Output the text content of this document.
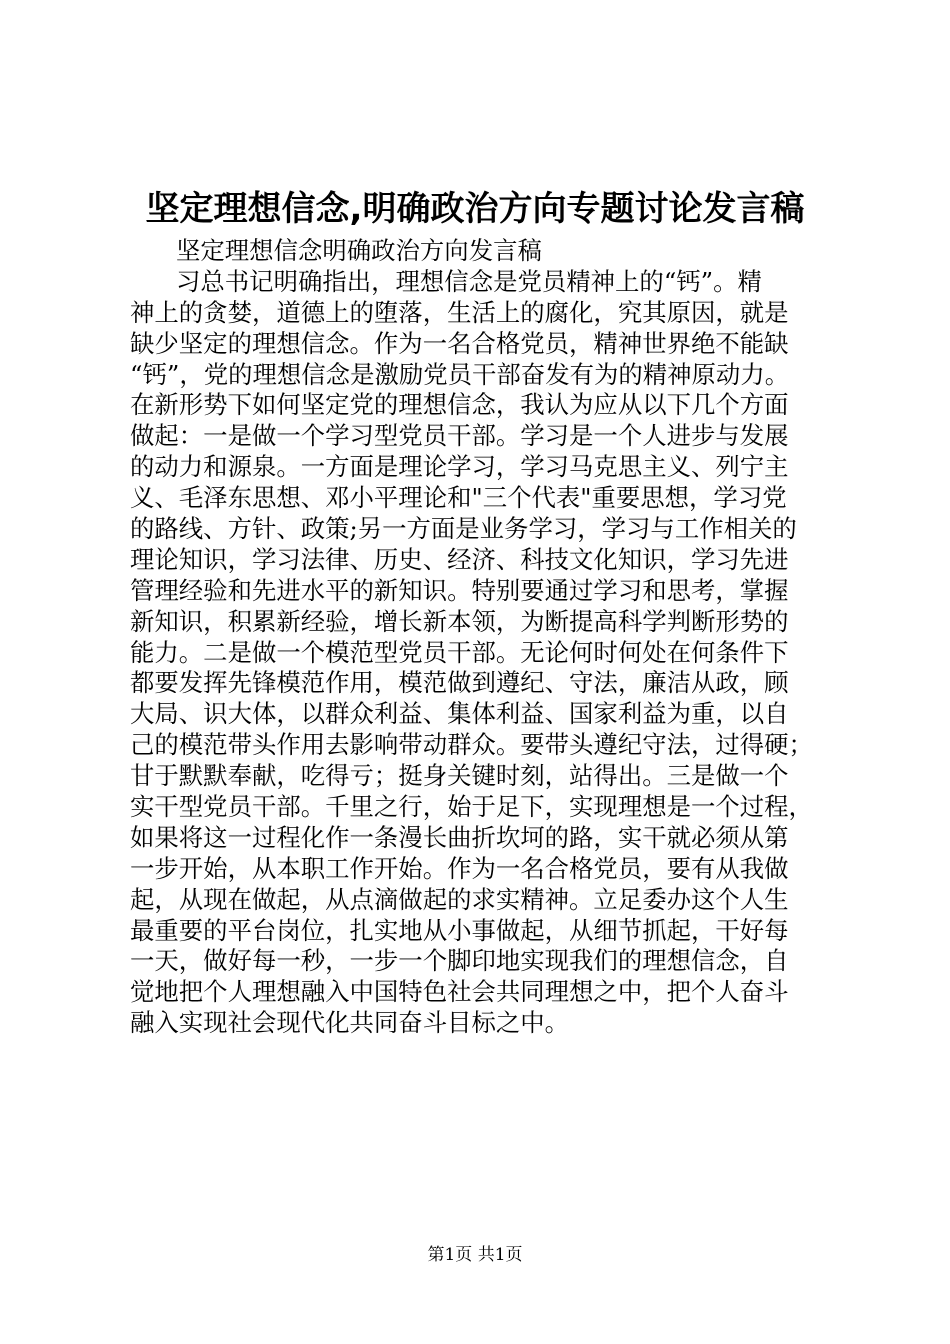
坚定理想信念,明确政治方向专题讨论发言稿
坚定理想信念明确政治方向发言稿
习总书记明确指出，理想信念是党员精神上的“钙”。精
神上的贪婪，道德上的堕落，生活上的腐化，究其原因，就是
缺少坚定的理想信念。作为一名合格党员，精神世界绝不能缺
“钙”，党的理想信念是激励党员干部奋发有为的精神原动力。
在新形势下如何坚定党的理想信念，我认为应从以下几个方面
做起：一是做一个学习型党员干部。学习是一个人进步与发展
的动力和源泉。一方面是理论学习，学习马克思主义、列宁主
义、毛泽东思想、邓小平理论和"三个代表"重要思想，学习党
的路线、方针、政策;另一方面是业务学习，学习与工作相关的
理论知识，学习法律、历史、经济、科技文化知识，学习先进
管理经验和先进水平的新知识。特别要通过学习和思考，掌握
新知识，积累新经验，增长新本领，为断提高科学判断形势的
能力。二是做一个模范型党员干部。无论何时何处在何条件下
都要发挥先锋模范作用，模范做到遵纪、守法，廉洁从政，顾
大局、识大体，以群众利益、集体利益、国家利益为重，以自
己的模范带头作用去影响带动群众。要带头遵纪守法，过得硬；
甘于默默奉献，吃得亏；挺身关键时刻，站得出。三是做一个
实干型党员干部。千里之行，始于足下，实现理想是一个过程，
如果将这一过程化作一条漫长曲折坎坷的路，实干就必须从第
一步开始，从本职工作开始。作为一名合格党员，要有从我做
起，从现在做起，从点滴做起的求实精神。立足委办这个人生
最重要的平台岗位，扎实地从小事做起，从细节抓起，干好每
一天，做好每一秒，一步一个脚印地实现我们的理想信念，自
觉地把个人理想融入中国特色社会共同理想之中，把个人奋斗
融入实现社会现代化共同奋斗目标之中。
第1页 共1页
